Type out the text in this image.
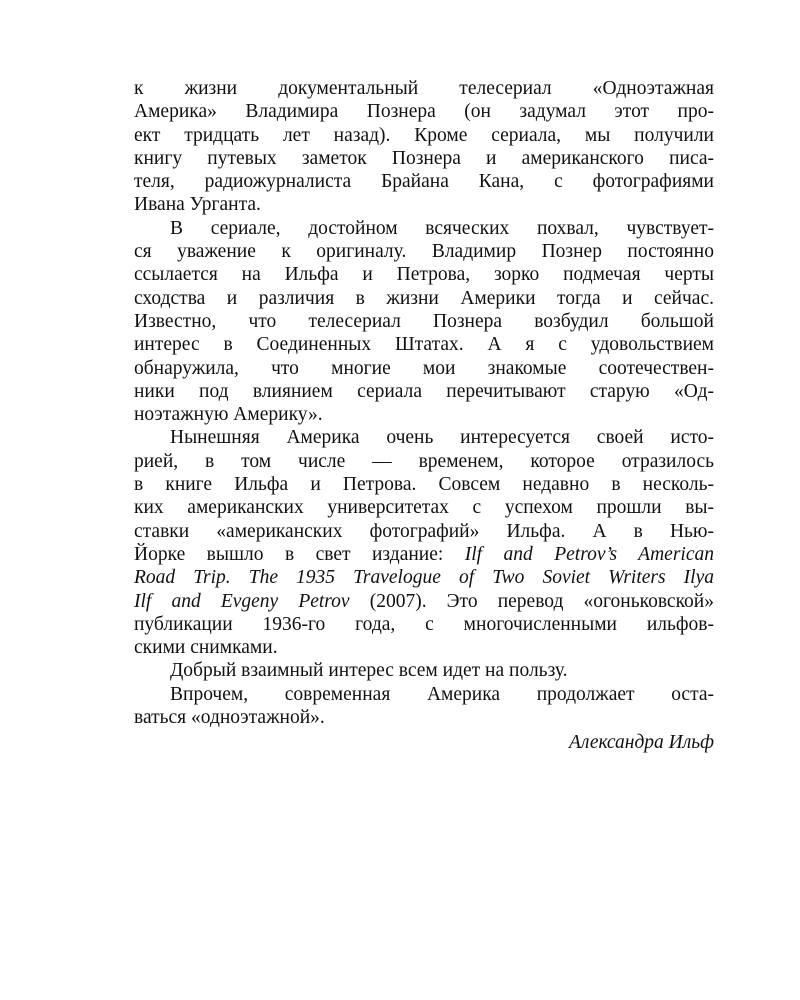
к жизни документальный телесериал «Одноэтажная
Америка» Владимира Познера (он задумал этот про-
ект тридцать лет назад). Кроме сериала, мы получили
книгу путевых заметок Познера и американского писа-
теля, радиожурналиста Брайана Кана, с фотографиями
Ивана Урганта.
В сериале, достойном всяческих похвал, чувствует-
ся уважение к оригиналу. Владимир Познер постоянно
ссылается на Ильфа и Петрова, зорко подмечая черты
сходства и различия в жизни Америки тогда и сейчас.
Известно, что телесериал Познера возбудил большой
интерес в Соединенных Штатах. А я с удовольствием
обнаружила, что многие мои знакомые соотечествен-
ники под влиянием сериала перечитывают старую «Од-
ноэтажную Америку».
Нынешняя Америка очень интересуется своей исто-
рией, в том числе — временем, которое отразилось
в книге Ильфа и Петрова. Совсем недавно в несколь-
ких американских университетах с успехом прошли вы-
ставки «американских фотографий» Ильфа. А в Нью-
Йорке вышло в свет издание: Ilf and Petrov’s American
Road Trip. The 1935 Travelogue of Two Soviet Writers Ilya
Ilf and Evgeny Petrov (2007). Это перевод «огоньковской»
публикации 1936-го года, с многочисленными ильфов-
скими снимками.
Добрый взаимный интерес всем идет на пользу.
Впрочем, современная Америка продолжает оста-
ваться «одноэтажной».
Александра Ильф
